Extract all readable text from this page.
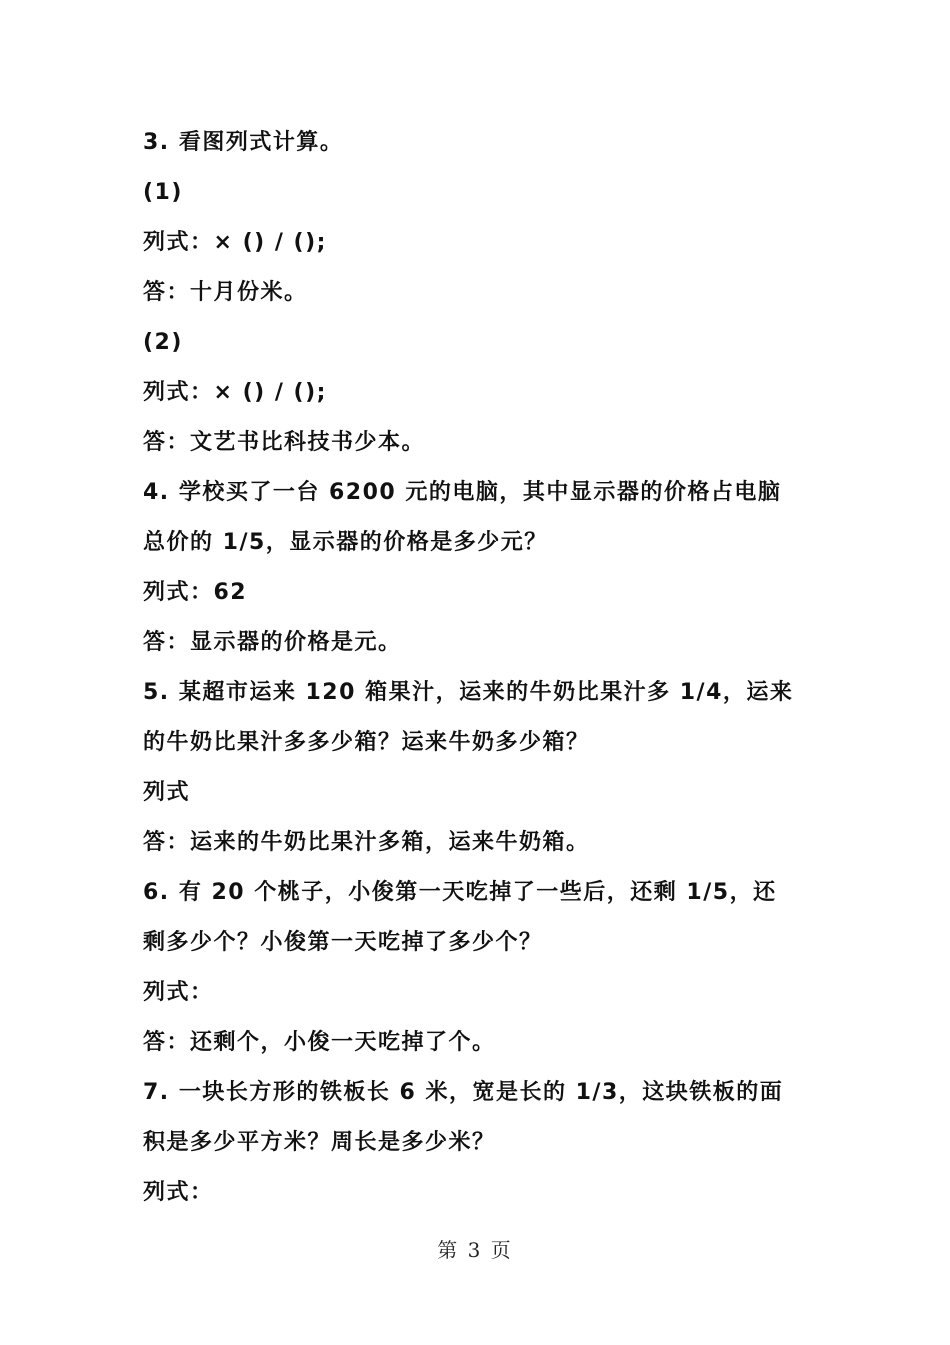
3. 看图列式计算。
(1)
列式：× () / ();
答：十月份米。
(2)
列式：× () / ();
答：文艺书比科技书少本。
4. 学校买了一台 6200 元的电脑，其中显示器的价格占电脑
总价的 1/5，显示器的价格是多少元？
列式：62
答：显示器的价格是元。
5. 某超市运来 120 箱果汁，运来的牛奶比果汁多 1/4，运来
的牛奶比果汁多多少箱？运来牛奶多少箱？
列式
答：运来的牛奶比果汁多箱，运来牛奶箱。
6. 有 20 个桃子，小俊第一天吃掉了一些后，还剩 1/5，还
剩多少个？小俊第一天吃掉了多少个？
列式：
答：还剩个，小俊一天吃掉了个。
7. 一块长方形的铁板长 6 米，宽是长的 1/3，这块铁板的面
积是多少平方米？周长是多少米？
列式：
第 3 页
